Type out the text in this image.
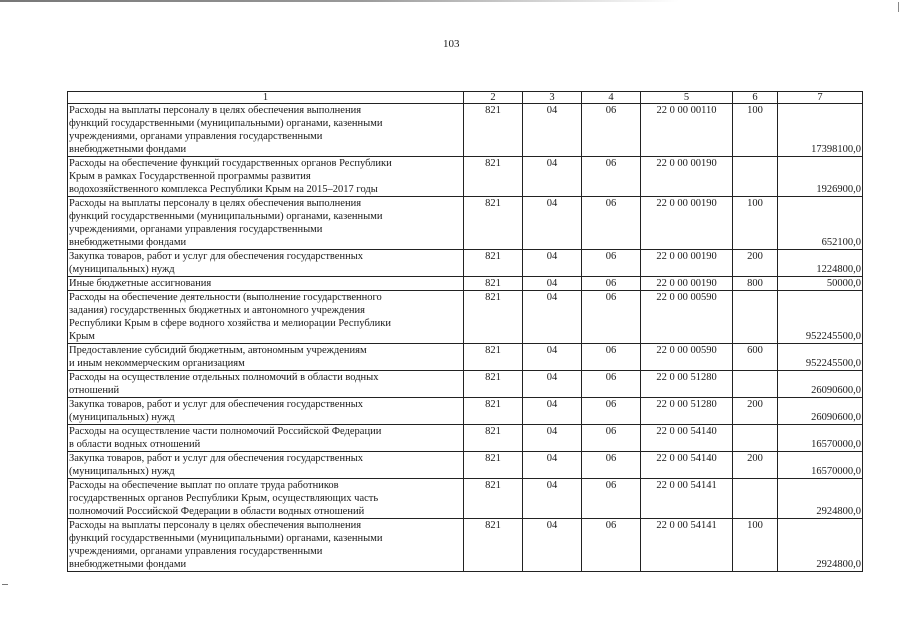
103
1	2	3	4	5	6	7

Расходы на выплаты персоналу в целях обеспечения выполнения
функций государственными (муниципальными) органами, казенными
учреждениями, органами управления государственными
внебюджетными фондами	821	04	06	22 0 00 00110	100	17398100,0

Расходы на обеспечение функций государственных органов Республики
Крым в рамках Государственной программы развития
водохозяйственного комплекса Республики Крым на 2015–2017 годы	821	04	06	22 0 00 00190		1926900,0

Расходы на выплаты персоналу в целях обеспечения выполнения
функций государственными (муниципальными) органами, казенными
учреждениями, органами управления государственными
внебюджетными фондами	821	04	06	22 0 00 00190	100	652100,0

Закупка товаров, работ и услуг для обеспечения государственных
(муниципальных) нужд	821	04	06	22 0 00 00190	200	1224800,0

Иные бюджетные ассигнования	821	04	06	22 0 00 00190	800	50000,0

Расходы на обеспечение деятельности (выполнение государственного
задания) государственных бюджетных и автономного учреждения
Республики Крым в сфере водного хозяйства и мелиорации Республики
Крым	821	04	06	22 0 00 00590		952245500,0

Предоставление субсидий бюджетным, автономным учреждениям
и иным некоммерческим организациям	821	04	06	22 0 00 00590	600	952245500,0

Расходы на осуществление отдельных полномочий в области водных
отношений	821	04	06	22 0 00 51280		26090600,0

Закупка товаров, работ и услуг для обеспечения государственных
(муниципальных) нужд	821	04	06	22 0 00 51280	200	26090600,0

Расходы на осуществление части полномочий Российской Федерации
в области водных отношений	821	04	06	22 0 00 54140		16570000,0

Закупка товаров, работ и услуг для обеспечения государственных
(муниципальных) нужд	821	04	06	22 0 00 54140	200	16570000,0

Расходы на обеспечение выплат по оплате труда работников
государственных органов Республики Крым, осуществляющих часть
полномочий Российской Федерации в области водных отношений	821	04	06	22 0 00 54141		2924800,0

Расходы на выплаты персоналу в целях обеспечения выполнения
функций государственными (муниципальными) органами, казенными
учреждениями, органами управления государственными
внебюджетными фондами	821	04	06	22 0 00 54141	100	2924800,0
